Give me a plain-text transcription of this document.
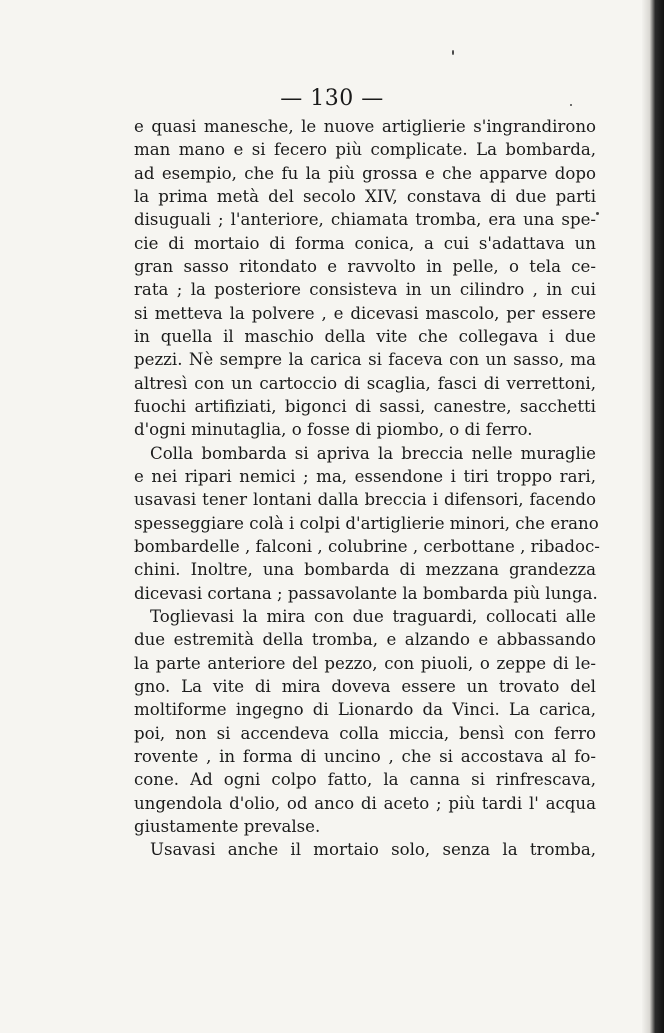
— 130 —
e quasi manesche, le nuove artiglierie s'ingrandirono
man mano e si fecero più complicate. La bombarda,
ad esempio, che fu la più grossa e che apparve dopo
la prima metà del secolo XIV, constava di due parti
disuguali ; l'anteriore, chiamata tromba, era una spe-
cie di mortaio di forma conica, a cui s'adattava un
gran sasso ritondato e ravvolto in pelle, o tela ce-
rata ; la posteriore consisteva in un cilindro , in cui
si metteva la polvere , e dicevasi mascolo, per essere
in quella il maschio della vite che collegava i due
pezzi. Nè sempre la carica si faceva con un sasso, ma
altresì con un cartoccio di scaglia, fasci di verrettoni,
fuochi artifiziati, bigonci di sassi, canestre, sacchetti
d'ogni minutaglia, o fosse di piombo, o di ferro.
Colla bombarda si apriva la breccia nelle muraglie
e nei ripari nemici ; ma, essendone i tiri troppo rari,
usavasi tener lontani dalla breccia i difensori, facendo
spesseggiare colà i colpi d'artiglierie minori, che erano
bombardelle , falconi , colubrine , cerbottane , ribadoc-
chini. Inoltre, una bombarda di mezzana grandezza
dicevasi cortana ; passavolante la bombarda più lunga.
Toglievasi la mira con due traguardi, collocati alle
due estremità della tromba, e alzando e abbassando
la parte anteriore del pezzo, con piuoli, o zeppe di le-
gno. La vite di mira doveva essere un trovato del
moltiforme ingegno di Lionardo da Vinci. La carica,
poi, non si accendeva colla miccia, bensì con ferro
rovente , in forma di uncino , che si accostava al fo-
cone. Ad ogni colpo fatto, la canna si rinfrescava,
ungendola d'olio, od anco di aceto ; più tardi l' acqua
giustamente prevalse.
Usavasi anche il mortaio solo, senza la tromba,
